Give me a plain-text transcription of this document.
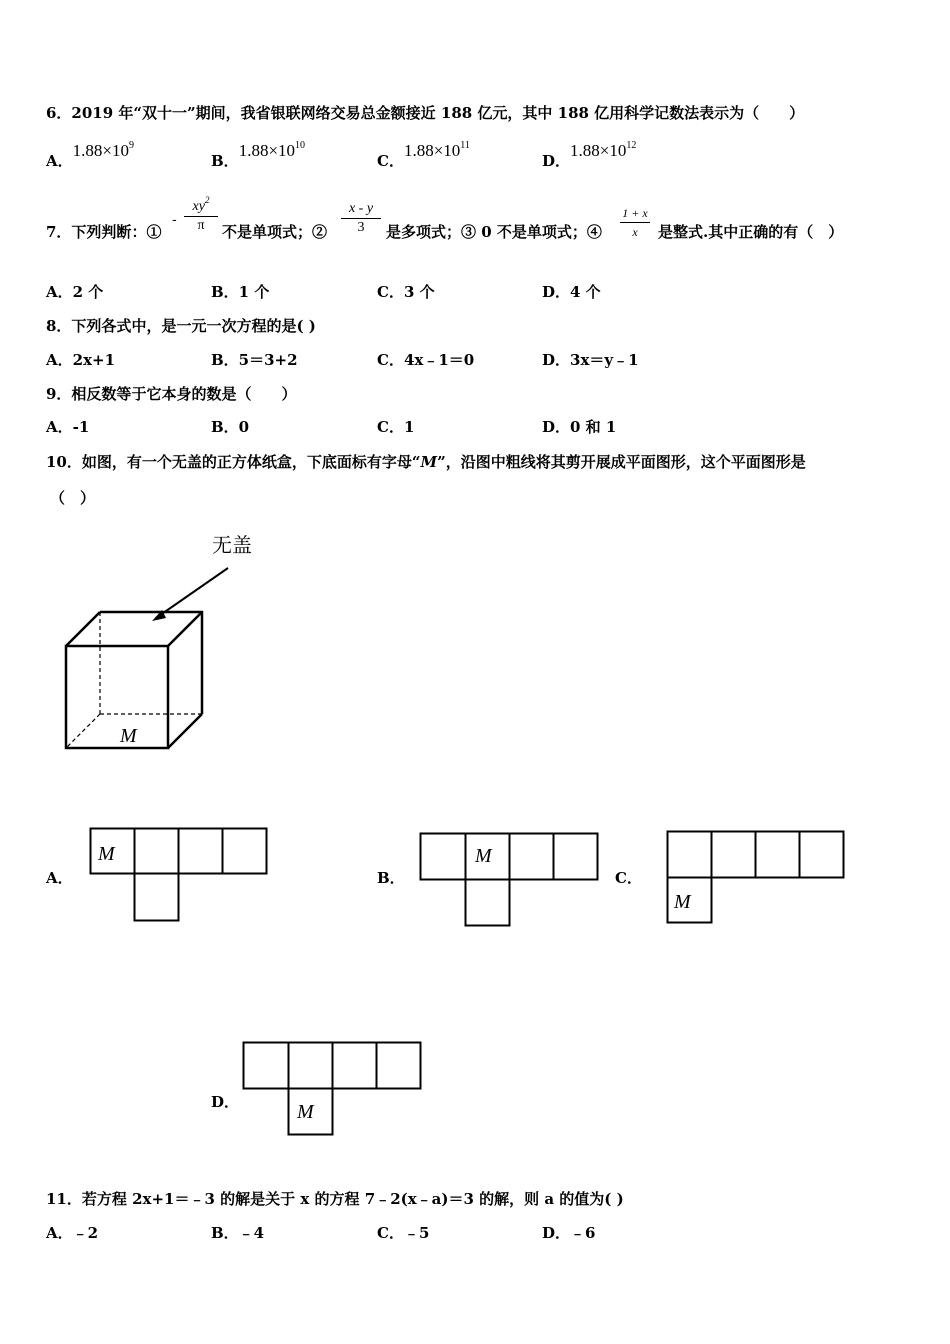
6．2019 年“双十一”期间，我省银联网络交易总金额接近 188 亿元，其中 188 亿用科学记数法表示为（　　）
A．$1.88\times 10^9$
B．$1.88\times 10^{10}$
C．$1.88\times 10^{11}$
D．$1.88\times 10^{12}$
7．下列判断：①
-
$xy^2$
π	不是单项式；②
x - y
3	是多项式；③ 0 不是单项式；④
1 + x
x	是整式.其中正确的有（　）
A．2 个	B．1 个	C．3 个	D．4 个
8．下列各式中，是一元一次方程的是( )
A．2x+1	B．5＝3+2	C．4x﹣1＝0	D．3x＝y﹣1
9．相反数等于它本身的数是（　　）
A．-1	B．0	C．1	D．0 和 1
10．如图，有一个无盖的正方体纸盒，下底面标有字母“M”，沿图中粗线将其剪开展成平面图形，这个平面图形是
（　）
无盖
M
A．
M
B．
M
C．
M
D．	M
11．若方程 2x+1＝﹣3 的解是关于 x 的方程 7﹣2(x﹣a)＝3 的解，则 a 的值为( )
A．﹣2	B．﹣4	C．﹣5	D．﹣6
